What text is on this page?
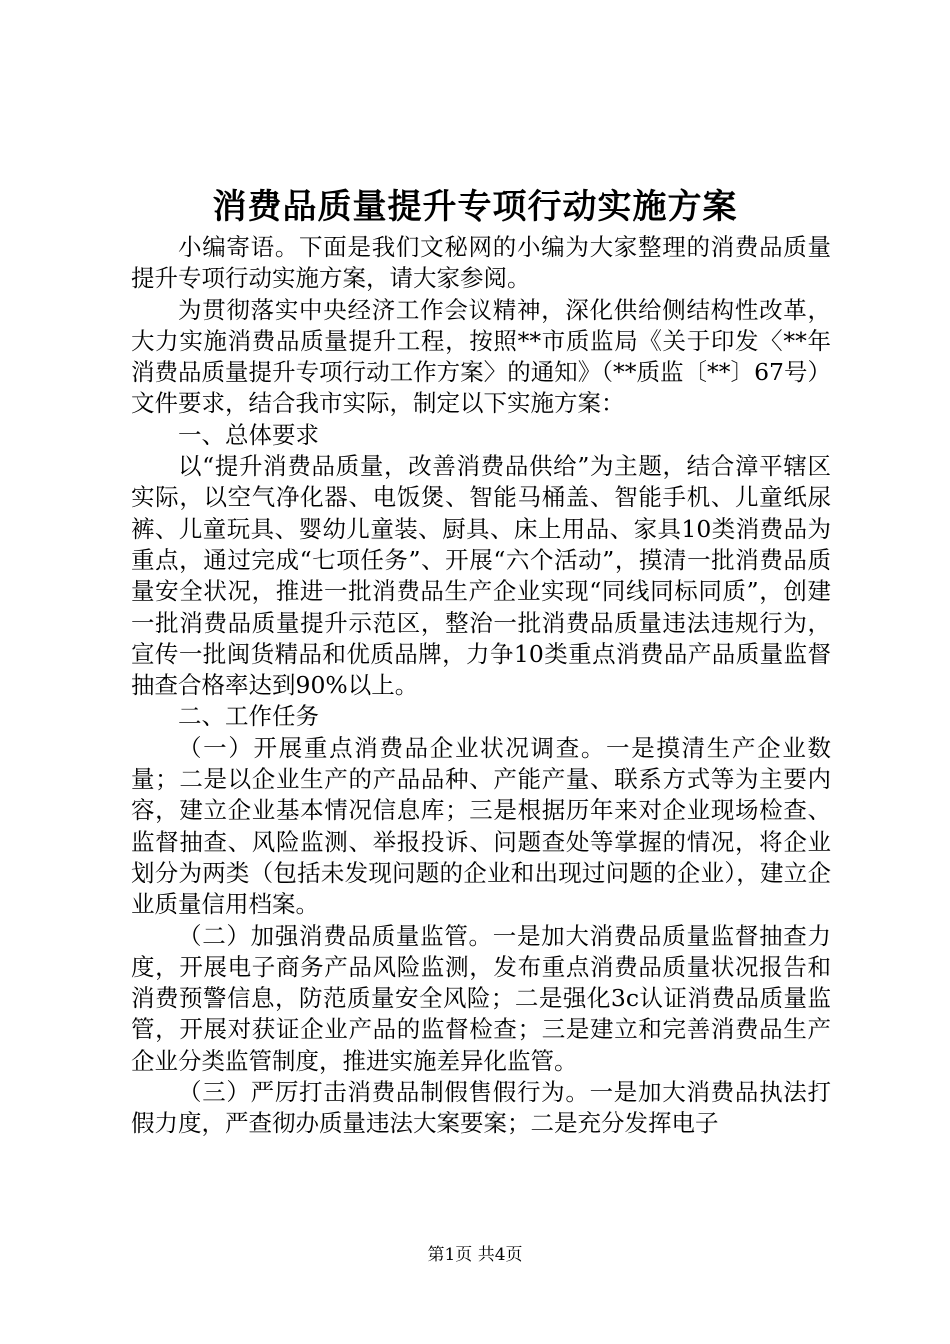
消费品质量提升专项行动实施方案

小编寄语。下面是我们文秘网的小编为大家整理的消费品质量提升专项行动实施方案，请大家参阅。

为贯彻落实中央经济工作会议精神，深化供给侧结构性改革，大力实施消费品质量提升工程，按照**市质监局《关于印发〈**年消费品质量提升专项行动工作方案〉的通知》（**质监〔**〕67号）文件要求，结合我市实际，制定以下实施方案：

一、总体要求

以“提升消费品质量，改善消费品供给”为主题，结合漳平辖区实际，以空气净化器、电饭煲、智能马桶盖、智能手机、儿童纸尿裤、儿童玩具、婴幼儿童装、厨具、床上用品、家具10类消费品为重点，通过完成“七项任务”、开展“六个活动”，摸清一批消费品质量安全状况，推进一批消费品生产企业实现“同线同标同质”，创建一批消费品质量提升示范区，整治一批消费品质量违法违规行为，宣传一批闽货精品和优质品牌，力争10类重点消费品产品质量监督抽查合格率达到90%以上。

二、工作任务

（一）开展重点消费品企业状况调查。一是摸清生产企业数量；二是以企业生产的产品品种、产能产量、联系方式等为主要内容，建立企业基本情况信息库；三是根据历年来对企业现场检查、监督抽查、风险监测、举报投诉、问题查处等掌握的情况，将企业划分为两类（包括未发现问题的企业和出现过问题的企业），建立企业质量信用档案。

（二）加强消费品质量监管。一是加大消费品质量监督抽查力度，开展电子商务产品风险监测，发布重点消费品质量状况报告和消费预警信息，防范质量安全风险；二是强化3c认证消费品质量监管，开展对获证企业产品的监督检查；三是建立和完善消费品生产企业分类监管制度，推进实施差异化监管。

（三）严厉打击消费品制假售假行为。一是加大消费品执法打假力度，严查彻办质量违法大案要案；二是充分发挥电子

第1页 共4页
